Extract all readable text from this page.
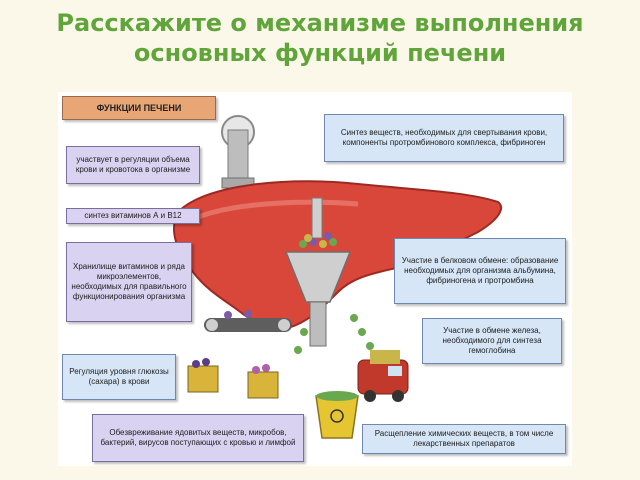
Расскажите о механизме выполнения основных функций печени
ФУНКЦИИ ПЕЧЕНИ
участвует в регуляции объема крови и кровотока в организме
синтез витаминов А и В12
Хранилище витаминов и ряда микроэлементов, необходимых для правильного функционирования организма
Регуляция уровня глюкозы (сахара) в крови
Синтез веществ, необходимых для свертывания крови, компоненты протромбинового комплекса, фибриноген
Участие в белковом обмене: образование необходимых для организма альбумина, фибриногена и протромбина
Участие в обмене железа, необходимого для синтеза гемоглобина
Расщепление химических веществ, в том числе лекарственных препаратов
Обезвреживание ядовитых веществ, микробов, бактерий, вирусов поступающих с кровью и лимфой
